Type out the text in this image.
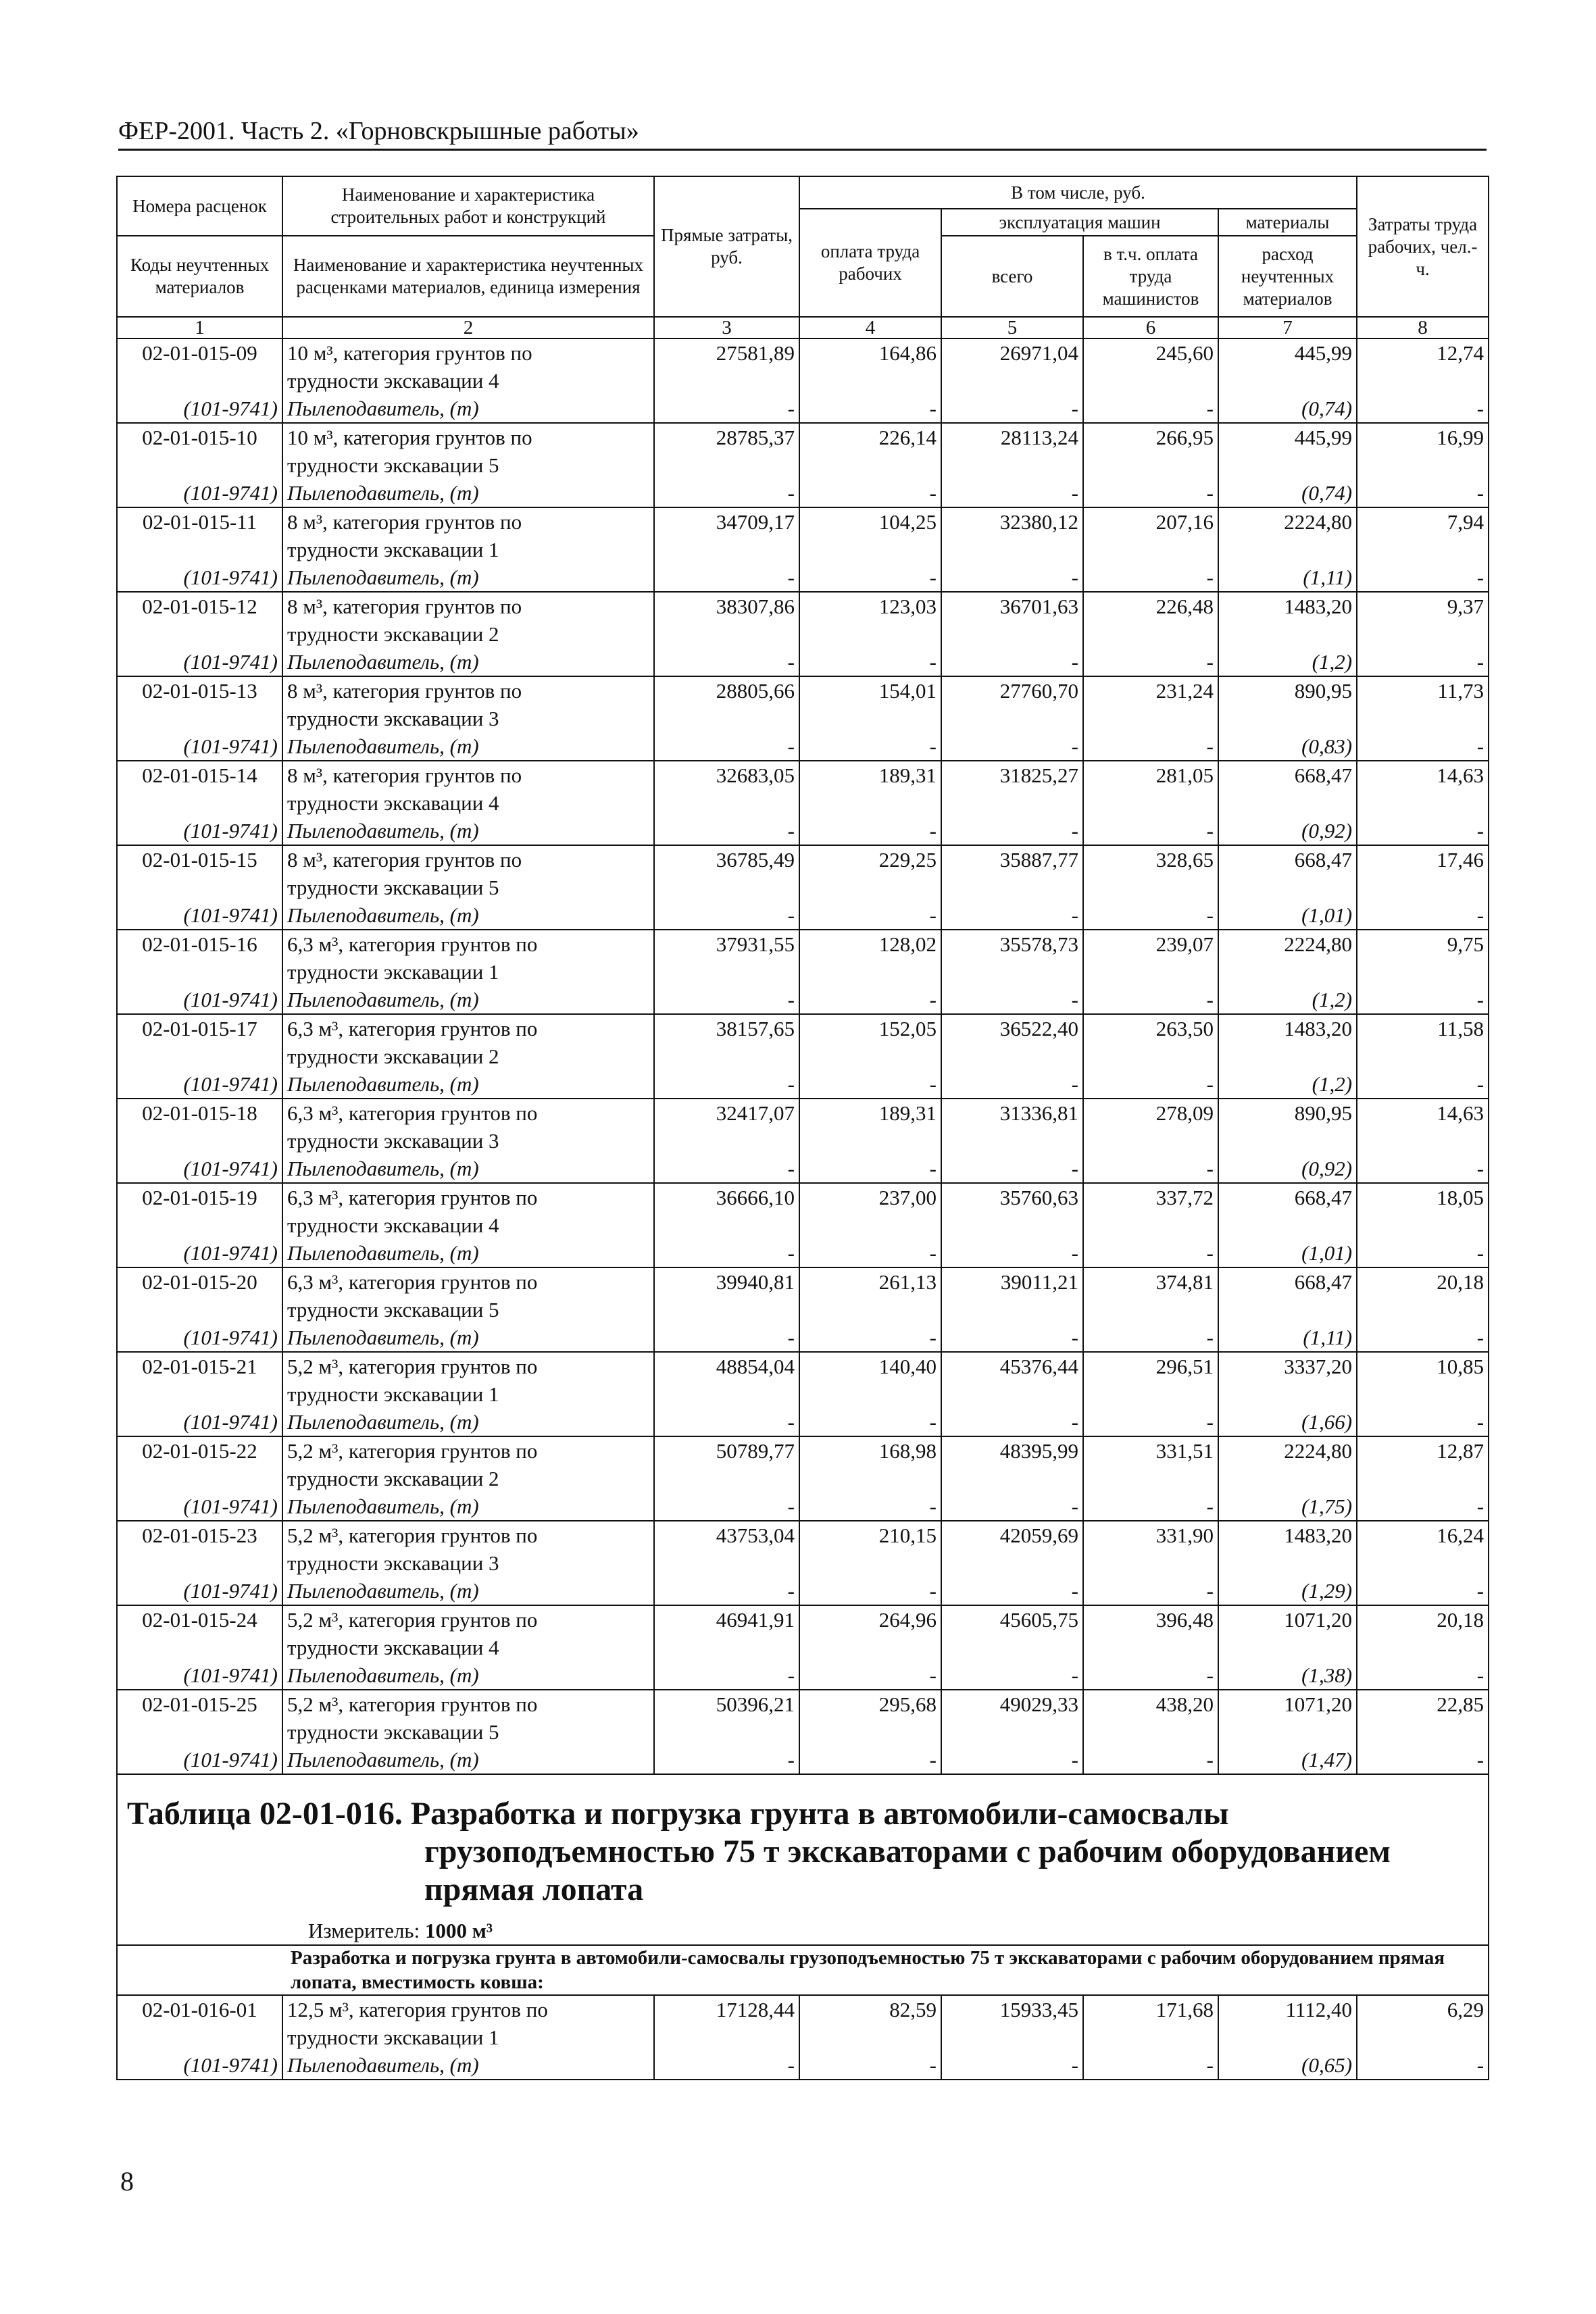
ФЕР-2001. Часть 2. «Горновскрышные работы»
Номера расценок	Наименование и характеристика строительных работ и конструкций	Прямые затраты, руб.	В том числе, руб.				Затраты труда рабочих, чел.-ч.
			оплата труда рабочих	эксплуатация машин		материалы	
Коды неучтенных материалов	Наименование и характеристика неучтенных расценками материалов, единица измерения			всего	в т.ч. оплата труда машинистов	расход неучтенных материалов	

1	2	3	4	5	6	7	8
02-01-015-09	10 м³, категория грунтов по
трудности экскавации 4	27581,89	164,86	26971,04	245,60	445,99	12,74
(101-9741)	Пылеподавитель, (т)	-	-	-	-	(0,74)	-
02-01-015-10	10 м³, категория грунтов по
трудности экскавации 5	28785,37	226,14	28113,24	266,95	445,99	16,99
(101-9741)	Пылеподавитель, (т)	-	-	-	-	(0,74)	-
02-01-015-11	8 м³, категория грунтов по
трудности экскавации 1	34709,17	104,25	32380,12	207,16	2224,80	7,94
(101-9741)	Пылеподавитель, (т)	-	-	-	-	(1,11)	-
02-01-015-12	8 м³, категория грунтов по
трудности экскавации 2	38307,86	123,03	36701,63	226,48	1483,20	9,37
(101-9741)	Пылеподавитель, (т)	-	-	-	-	(1,2)	-
02-01-015-13	8 м³, категория грунтов по
трудности экскавации 3	28805,66	154,01	27760,70	231,24	890,95	11,73
(101-9741)	Пылеподавитель, (т)	-	-	-	-	(0,83)	-
02-01-015-14	8 м³, категория грунтов по
трудности экскавации 4	32683,05	189,31	31825,27	281,05	668,47	14,63
(101-9741)	Пылеподавитель, (т)	-	-	-	-	(0,92)	-
02-01-015-15	8 м³, категория грунтов по
трудности экскавации 5	36785,49	229,25	35887,77	328,65	668,47	17,46
(101-9741)	Пылеподавитель, (т)	-	-	-	-	(1,01)	-
02-01-015-16	6,3 м³, категория грунтов по
трудности экскавации 1	37931,55	128,02	35578,73	239,07	2224,80	9,75
(101-9741)	Пылеподавитель, (т)	-	-	-	-	(1,2)	-
02-01-015-17	6,3 м³, категория грунтов по
трудности экскавации 2	38157,65	152,05	36522,40	263,50	1483,20	11,58
(101-9741)	Пылеподавитель, (т)	-	-	-	-	(1,2)	-
02-01-015-18	6,3 м³, категория грунтов по
трудности экскавации 3	32417,07	189,31	31336,81	278,09	890,95	14,63
(101-9741)	Пылеподавитель, (т)	-	-	-	-	(0,92)	-
02-01-015-19	6,3 м³, категория грунтов по
трудности экскавации 4	36666,10	237,00	35760,63	337,72	668,47	18,05
(101-9741)	Пылеподавитель, (т)	-	-	-	-	(1,01)	-
02-01-015-20	6,3 м³, категория грунтов по
трудности экскавации 5	39940,81	261,13	39011,21	374,81	668,47	20,18
(101-9741)	Пылеподавитель, (т)	-	-	-	-	(1,11)	-
02-01-015-21	5,2 м³, категория грунтов по
трудности экскавации 1	48854,04	140,40	45376,44	296,51	3337,20	10,85
(101-9741)	Пылеподавитель, (т)	-	-	-	-	(1,66)	-
02-01-015-22	5,2 м³, категория грунтов по
трудности экскавации 2	50789,77	168,98	48395,99	331,51	2224,80	12,87
(101-9741)	Пылеподавитель, (т)	-	-	-	-	(1,75)	-
02-01-015-23	5,2 м³, категория грунтов по
трудности экскавации 3	43753,04	210,15	42059,69	331,90	1483,20	16,24
(101-9741)	Пылеподавитель, (т)	-	-	-	-	(1,29)	-
02-01-015-24	5,2 м³, категория грунтов по
трудности экскавации 4	46941,91	264,96	45605,75	396,48	1071,20	20,18
(101-9741)	Пылеподавитель, (т)	-	-	-	-	(1,38)	-
02-01-015-25	5,2 м³, категория грунтов по
трудности экскавации 5	50396,21	295,68	49029,33	438,20	1071,20	22,85
(101-9741)	Пылеподавитель, (т)	-	-	-	-	(1,47)	-

Таблица 02-01-016. Разработка и погрузка грунта в автомобили-самосвалы
грузоподъемностью 75 т экскаваторами с рабочим оборудованием
прямая лопата
Измеритель: 1000 м³							

	Разработка и погрузка грунта в автомобили-самосвалы грузоподъемностью 75 т экскаваторами с рабочим оборудованием прямая лопата, вместимость ковша:						
02-01-016-01	12,5 м³, категория грунтов по
трудности экскавации 1	17128,44	82,59	15933,45	171,68	1112,40	6,29
(101-9741)	Пылеподавитель, (т)	-	-	-	-	(0,65)	-
8
